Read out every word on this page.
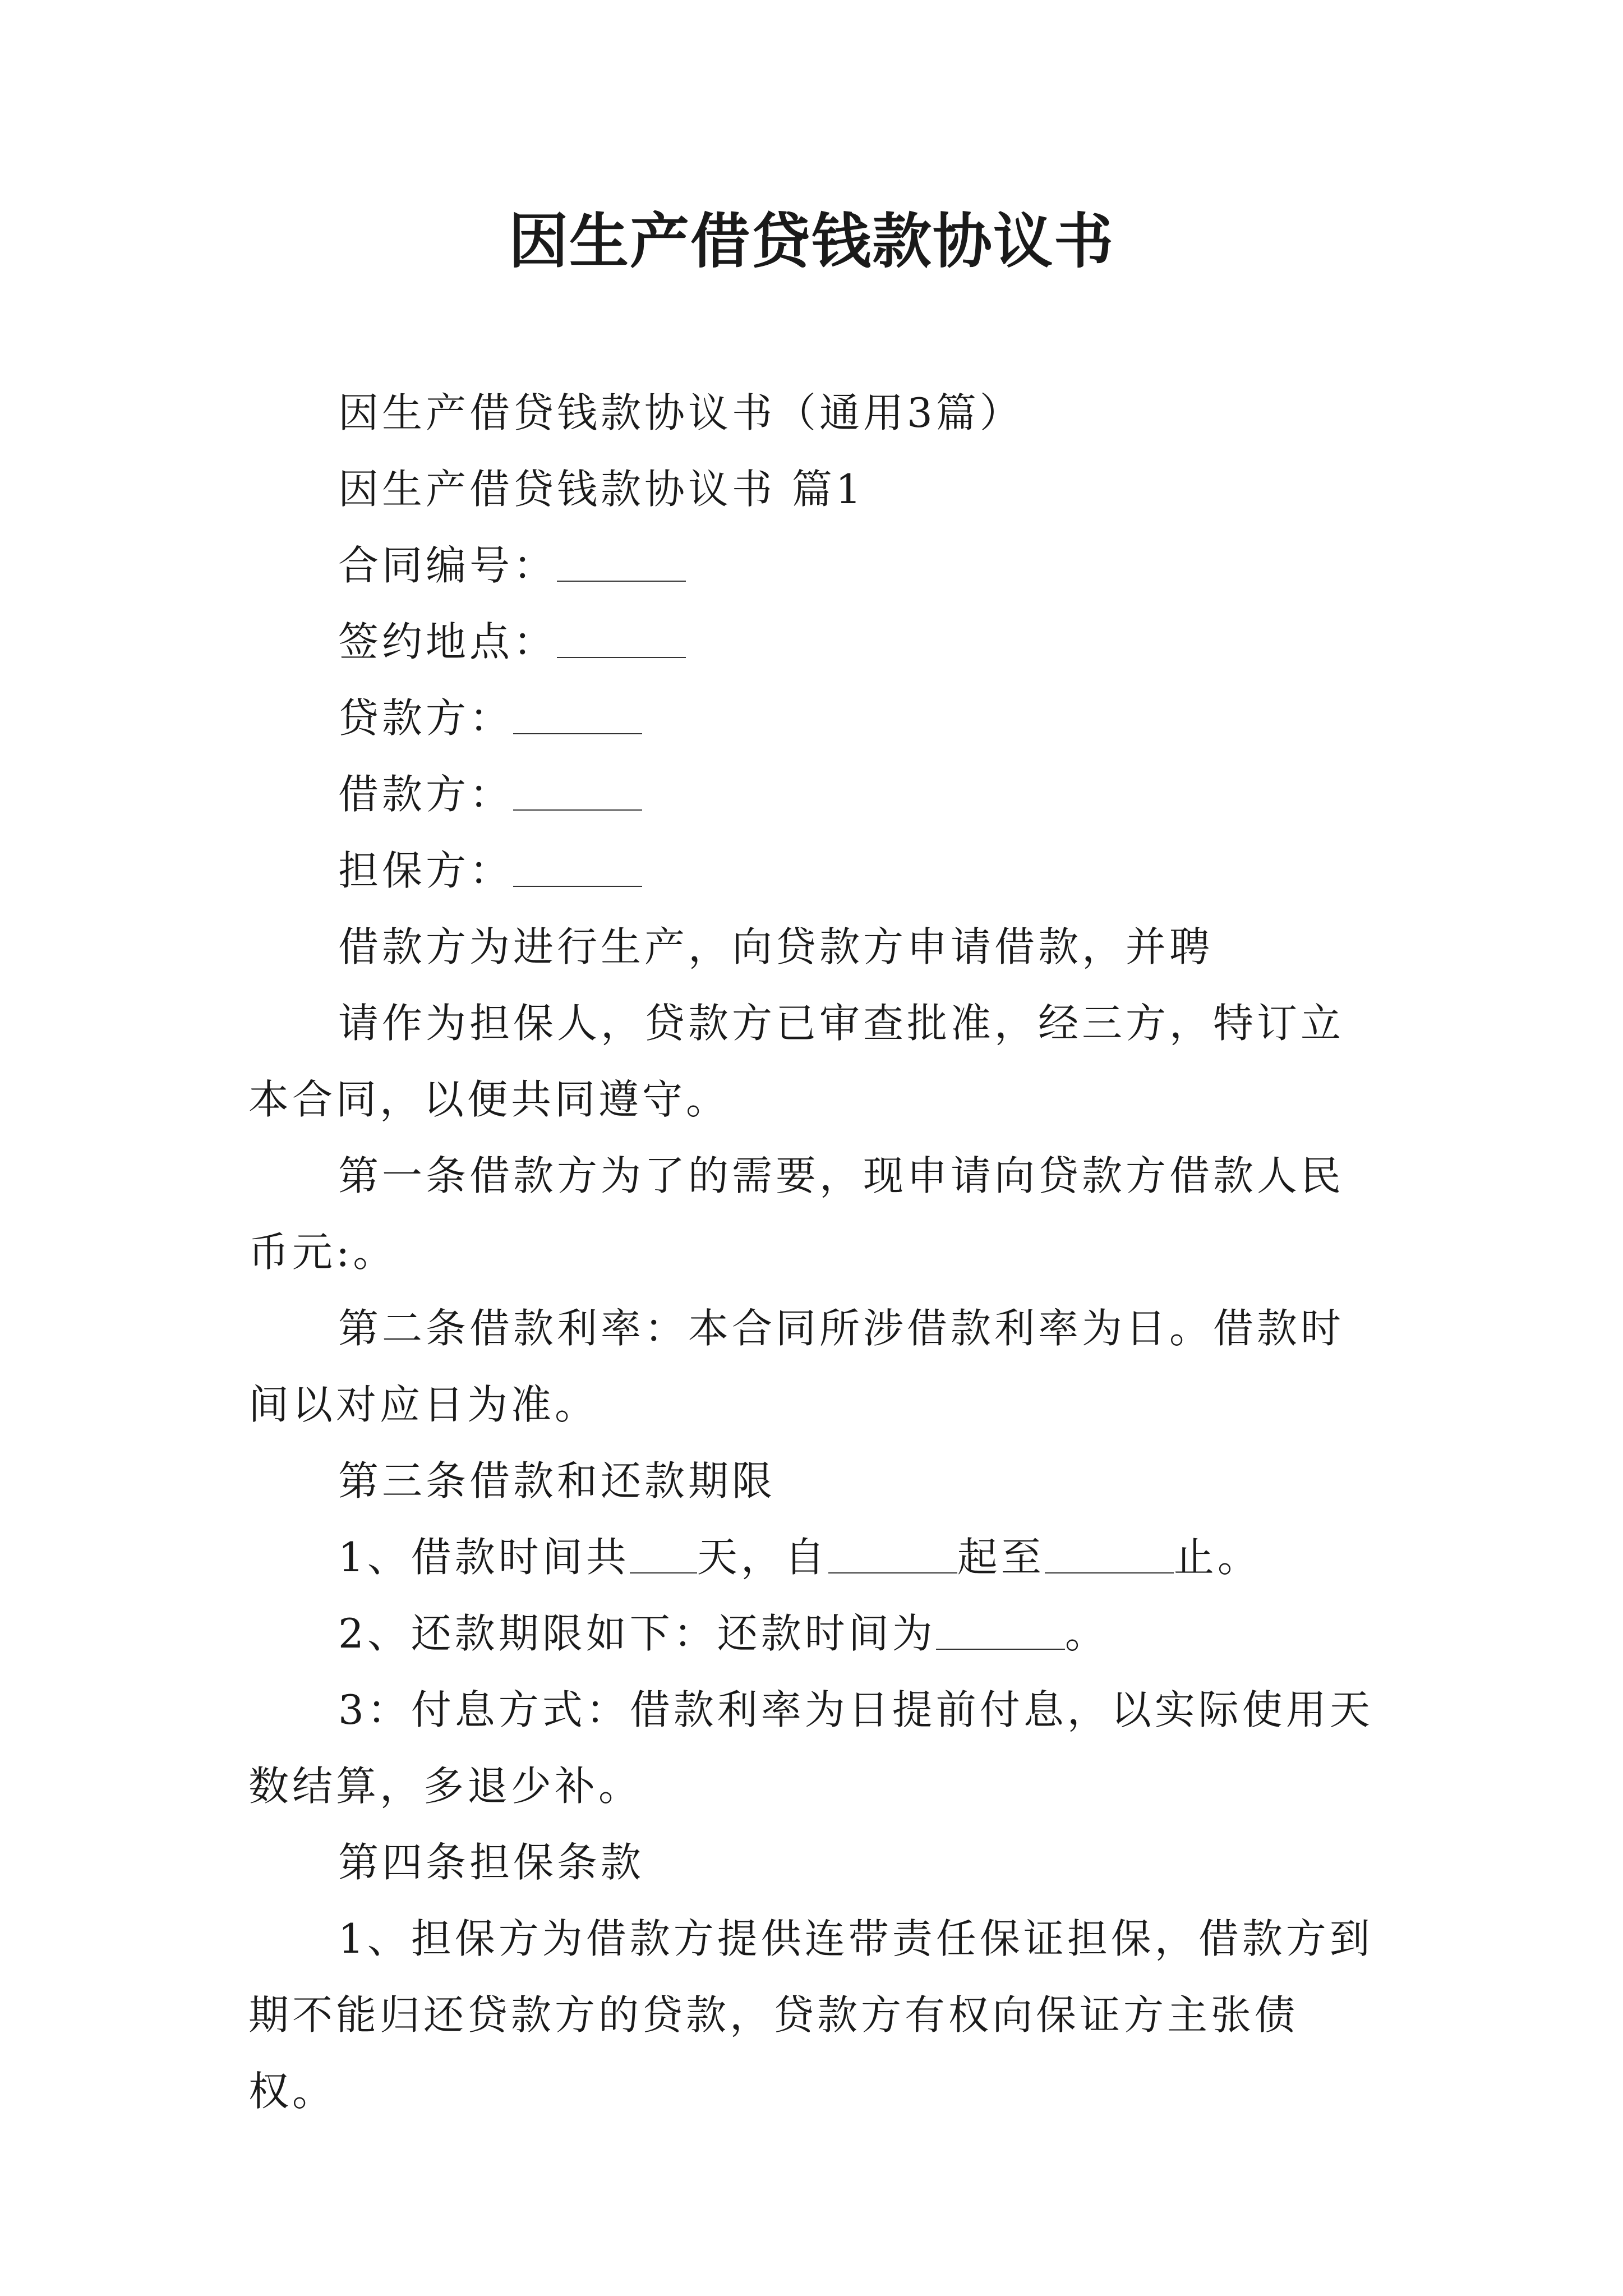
因生产借贷钱款协议书

因生产借贷钱款协议书（通用3篇）

因生产借贷钱款协议书 篇1

合同编号：

签约地点：

贷款方：

借款方：

担保方：

借款方为进行生产，向贷款方申请借款，并聘

请作为担保人，贷款方已审查批准，经三方，特订立本合同，以便共同遵守。

第一条借款方为了的需要，现申请向贷款方借款人民币元:。

第二条借款利率：本合同所涉借款利率为日。借款时间以对应日为准。

第三条借款和还款期限

1、借款时间共 天，自	起至	止。

2、还款期限如下：还款时间为	。

3：付息方式：借款利率为日提前付息，以实际使用天数结算，多退少补。

第四条担保条款

1、担保方为借款方提供连带责任保证担保，借款方到期不能归还贷款方的贷款，贷款方有权向保证方主张债权。
